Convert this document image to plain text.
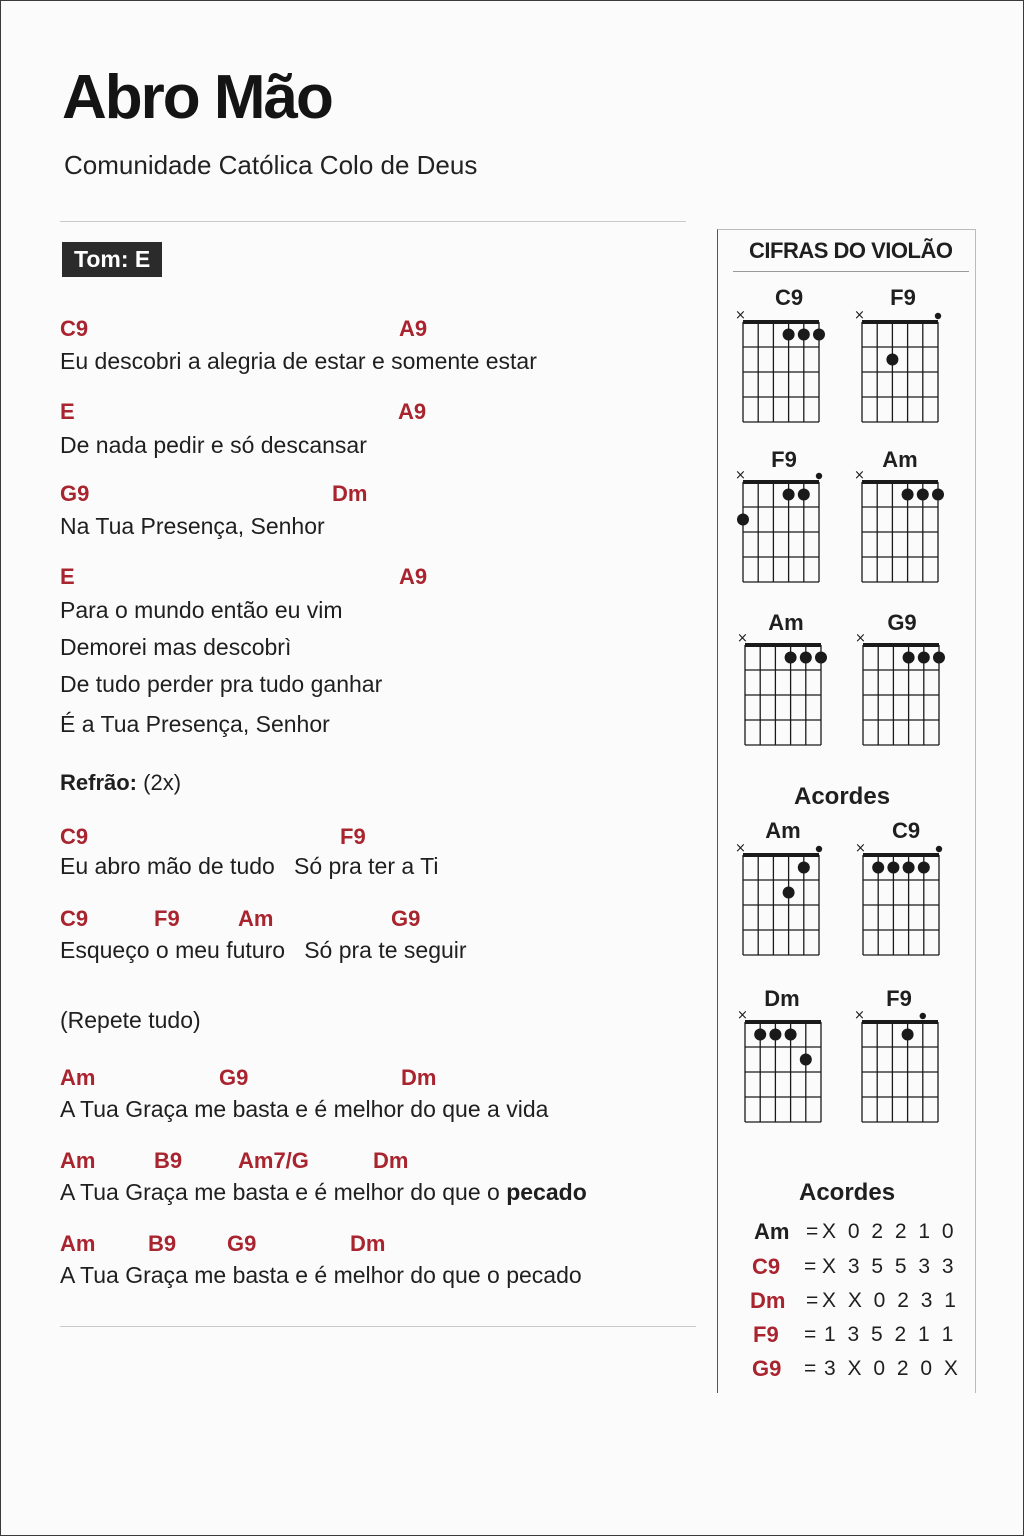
Abro Mão
Comunidade Católica Colo de Deus
Tom: E
C9	A9
Eu descobri a alegria de estar e somente estar
E	A9
De nada pedir e só descansar
G9	Dm
Na Tua Presença, Senhor
E	A9
Para o mundo então eu vim
Demorei mas descobrì
De tudo perder pra tudo ganhar
É a Tua Presença, Senhor
Refrão: (2x)
C9	F9
Eu abro mão de tudo   Só pra ter a Ti
C9	F9	Am	G9
Esqueço o meu futuro   Só pra te seguir
(Repete tudo)
Am	G9	Dm
A Tua Graça me basta e é melhor do que a vida
Am	B9	Am7/G	Dm
A Tua Graça me basta e é melhor do que o pecado
Am B9 G9	Dm
A Tua Graça me basta e é melhor do que o pecado
CIFRAS DO VIOLÃO
C9
×
F9
×
F9
×
Am
×
Am
×
G9
×
Am
×
C9
×
Dm
×
F9
×
Acordes
Acordes
Am = X 0 2 2 1 0
C9 = X 3 5 5 3 3
Dm = X X 0 2 3 1
F9 = 1 3 5 2 1 1
G9 = 3 X 0 2 0 X
